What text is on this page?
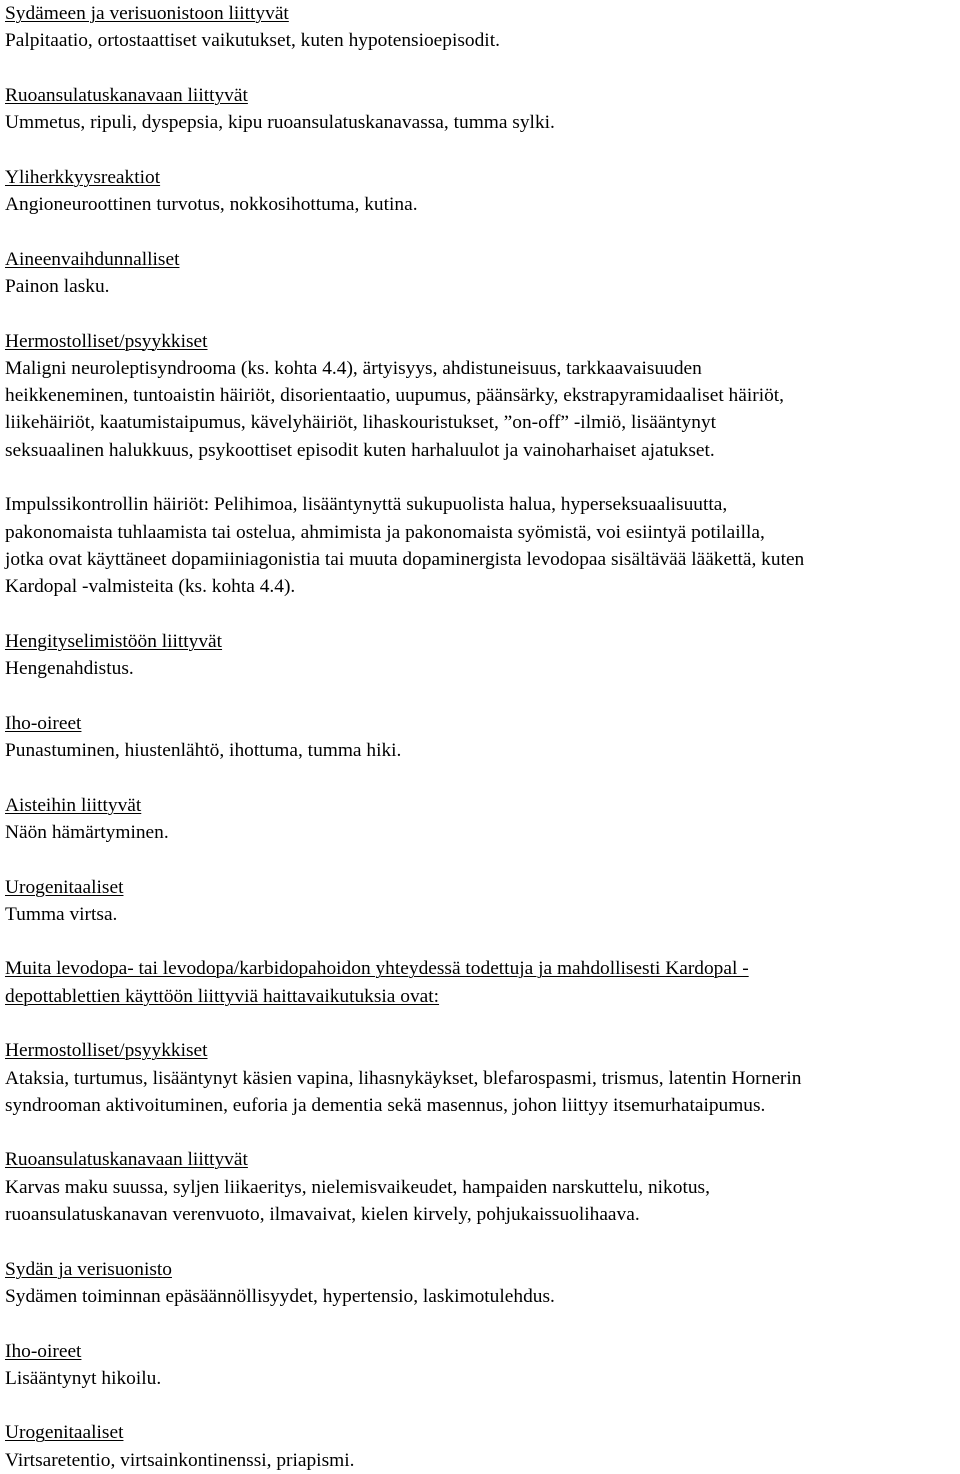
Sydämeen ja verisuonistoon liittyvät
Palpitaatio, ortostaattiset vaikutukset, kuten hypotensioepisodit.
Ruoansulatuskanavaan liittyvät
Ummetus, ripuli, dyspepsia, kipu ruoansulatuskanavassa, tumma sylki.
Yliherkkyysreaktiot
Angioneuroottinen turvotus, nokkosihottuma, kutina.
Aineenvaihdunnalliset
Painon lasku.
Hermostolliset/psyykkiset
Maligni neuroleptisyndrooma (ks. kohta 4.4), ärtyisyys, ahdistuneisuus, tarkkaavaisuuden
heikkeneminen, tuntoaistin häiriöt, disorientaatio, uupumus, päänsärky, ekstrapyramidaaliset häiriöt,
liikehäiriöt, kaatumistaipumus, kävelyhäiriöt, lihaskouristukset, ”on-off” -ilmiö, lisääntynyt
seksuaalinen halukkuus, psykoottiset episodit kuten harhaluulot ja vainoharhaiset ajatukset.
Impulssikontrollin häiriöt: Pelihimoa, lisääntynyttä sukupuolista halua, hyperseksuaalisuutta,
pakonomaista tuhlaamista tai ostelua, ahmimista ja pakonomaista syömistä, voi esiintyä potilailla,
jotka ovat käyttäneet dopamiiniagonistia tai muuta dopaminergista levodopaa sisältävää lääkettä, kuten
Kardopal -valmisteita (ks. kohta 4.4).
Hengityselimistöön liittyvät
Hengenahdistus.
Iho-oireet
Punastuminen, hiustenlähtö, ihottuma, tumma hiki.
Aisteihin liittyvät
Näön hämärtyminen.
Urogenitaaliset
Tumma virtsa.
Muita levodopa- tai levodopa/karbidopahoidon yhteydessä todettuja ja mahdollisesti Kardopal -
depottablettien käyttöön liittyviä haittavaikutuksia ovat:
Hermostolliset/psyykkiset
Ataksia, turtumus, lisääntynyt käsien vapina, lihasnykäykset, blefarospasmi, trismus, latentin Hornerin
syndrooman aktivoituminen, euforia ja dementia sekä masennus, johon liittyy itsemurhataipumus.
Ruoansulatuskanavaan liittyvät
Karvas maku suussa, syljen liikaeritys, nielemisvaikeudet, hampaiden narskuttelu, nikotus,
ruoansulatuskanavan verenvuoto, ilmavaivat, kielen kirvely, pohjukaissuolihaava.
Sydän ja verisuonisto
Sydämen toiminnan epäsäännöllisyydet, hypertensio, laskimotulehdus.
Iho-oireet
Lisääntynyt hikoilu.
Urogenitaaliset
Virtsaretentio, virtsainkontinenssi, priapismi.
